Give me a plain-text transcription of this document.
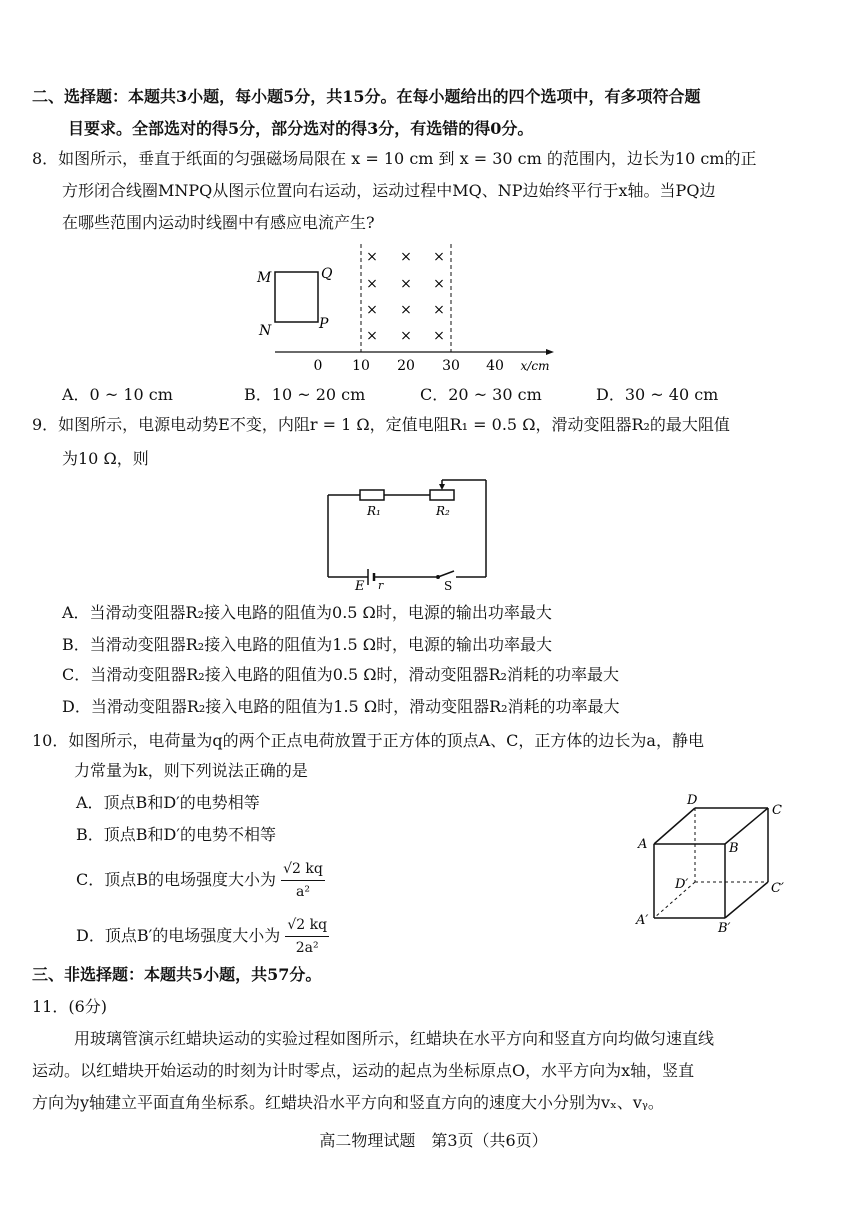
二、选择题：本题共3小题，每小题5分，共15分。在每小题给出的四个选项中，有多项符合题
目要求。全部选对的得5分，部分选对的得3分，有选错的得0分。
8．如图所示，垂直于纸面的匀强磁场局限在 x = 10 cm 到 x = 30 cm 的范围内，边长为10 cm的正
方形闭合线圈MNPQ从图示位置向右运动，运动过程中MQ、NP边始终平行于x轴。当PQ边
在哪些范围内运动时线圈中有感应电流产生?
M	Q
N	P
× × ×
× × ×
× × ×
× × ×
0 10 20 30 40 x/cm
A．0 ~ 10 cm	B．10 ~ 20 cm	C．20 ~ 30 cm	D．30 ~ 40 cm
9．如图所示，电源电动势E不变，内阻r = 1 Ω，定值电阻R₁ = 0.5 Ω，滑动变阻器R₂的最大阻值
为10 Ω，则
R₁	R₂
E r	S
A．当滑动变阻器R₂接入电路的阻值为0.5 Ω时，电源的输出功率最大
B．当滑动变阻器R₂接入电路的阻值为1.5 Ω时，电源的输出功率最大
C．当滑动变阻器R₂接入电路的阻值为0.5 Ω时，滑动变阻器R₂消耗的功率最大
D．当滑动变阻器R₂接入电路的阻值为1.5 Ω时，滑动变阻器R₂消耗的功率最大
10．如图所示，电荷量为q的两个正点电荷放置于正方体的顶点A、C，正方体的边长为a，静电
力常量为k，则下列说法正确的是
A．顶点B和D′的电势相等
B．顶点B和D′的电势不相等
C．顶点B的电场强度大小为 $\frac{√2 kq}{\text{a²}}$
D．顶点B′的电场强度大小为 $\frac{√2 kq}{\text{2a²}}$
A	B
C
D
A′
B′
C′
D′
三、非选择题：本题共5小题，共57分。
11．(6分)
用玻璃管演示红蜡块运动的实验过程如图所示，红蜡块在水平方向和竖直方向均做匀速直线
运动。以红蜡块开始运动的时刻为计时零点，运动的起点为坐标原点O，水平方向为x轴，竖直
方向为y轴建立平面直角坐标系。红蜡块沿水平方向和竖直方向的速度大小分别为vₓ、vᵧ。
高二物理试题　第3页（共6页）
